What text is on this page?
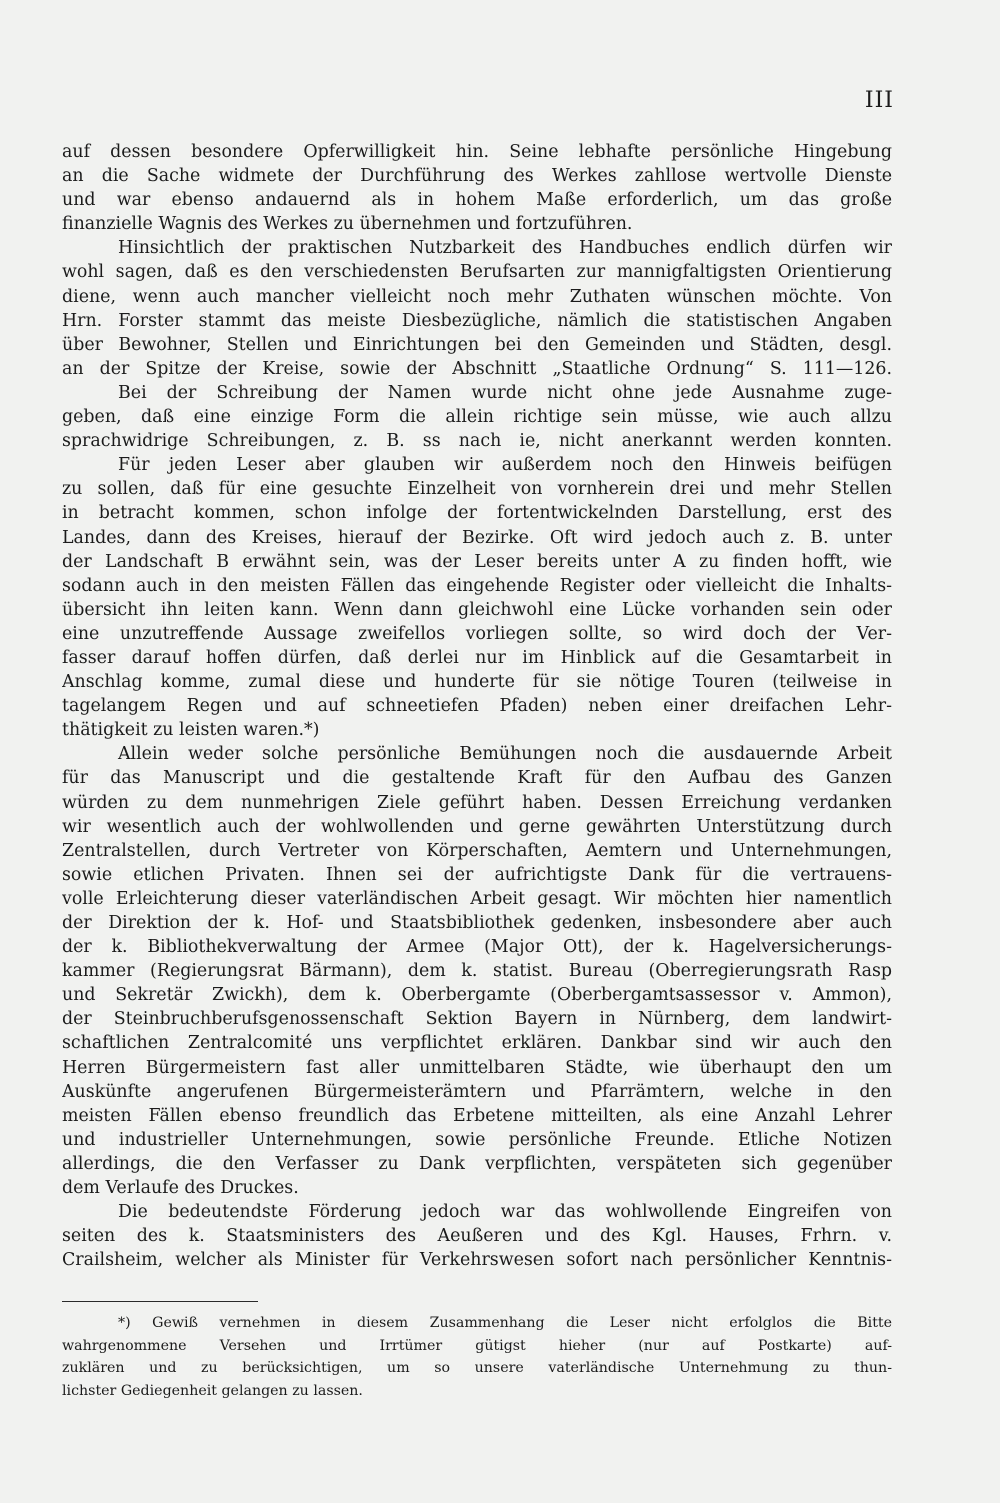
III
auf dessen besondere Opferwilligkeit hin. Seine lebhafte persönliche Hingebung
an die Sache widmete der Durchführung des Werkes zahllose wertvolle Dienste
und war ebenso andauernd als in hohem Maße erforderlich, um das große
finanzielle Wagnis des Werkes zu übernehmen und fortzuführen.
Hinsichtlich der praktischen Nutzbarkeit des Handbuches endlich dürfen wir
wohl sagen, daß es den verschiedensten Berufsarten zur mannigfaltigsten Orientierung
diene, wenn auch mancher vielleicht noch mehr Zuthaten wünschen möchte. Von
Hrn. Forster stammt das meiste Diesbezügliche, nämlich die statistischen Angaben
über Bewohner, Stellen und Einrichtungen bei den Gemeinden und Städten, desgl.
an der Spitze der Kreise, sowie der Abschnitt „Staatliche Ordnung“ S. 111—126.
Bei der Schreibung der Namen wurde nicht ohne jede Ausnahme zuge-
geben, daß eine einzige Form die allein richtige sein müsse, wie auch allzu
sprachwidrige Schreibungen, z. B. ss nach ie, nicht anerkannt werden konnten.
Für jeden Leser aber glauben wir außerdem noch den Hinweis beifügen
zu sollen, daß für eine gesuchte Einzelheit von vornherein drei und mehr Stellen
in betracht kommen, schon infolge der fortentwickelnden Darstellung, erst des
Landes, dann des Kreises, hierauf der Bezirke. Oft wird jedoch auch z. B. unter
der Landschaft B erwähnt sein, was der Leser bereits unter A zu finden hofft, wie
sodann auch in den meisten Fällen das eingehende Register oder vielleicht die Inhalts-
übersicht ihn leiten kann. Wenn dann gleichwohl eine Lücke vorhanden sein oder
eine unzutreffende Aussage zweifellos vorliegen sollte, so wird doch der Ver-
fasser darauf hoffen dürfen, daß derlei nur im Hinblick auf die Gesamtarbeit in
Anschlag komme, zumal diese und hunderte für sie nötige Touren (teilweise in
tagelangem Regen und auf schneetiefen Pfaden) neben einer dreifachen Lehr-
thätigkeit zu leisten waren.*)
Allein weder solche persönliche Bemühungen noch die ausdauernde Arbeit
für das Manuscript und die gestaltende Kraft für den Aufbau des Ganzen
würden zu dem nunmehrigen Ziele geführt haben. Dessen Erreichung verdanken
wir wesentlich auch der wohlwollenden und gerne gewährten Unterstützung durch
Zentralstellen, durch Vertreter von Körperschaften, Aemtern und Unternehmungen,
sowie etlichen Privaten. Ihnen sei der aufrichtigste Dank für die vertrauens-
volle Erleichterung dieser vaterländischen Arbeit gesagt. Wir möchten hier namentlich
der Direktion der k. Hof- und Staatsbibliothek gedenken, insbesondere aber auch
der k. Bibliothekverwaltung der Armee (Major Ott), der k. Hagelversicherungs-
kammer (Regierungsrat Bärmann), dem k. statist. Bureau (Oberregierungsrath Rasp
und Sekretär Zwickh), dem k. Oberbergamte (Oberbergamtsassessor v. Ammon),
der Steinbruchberufsgenossenschaft Sektion Bayern in Nürnberg, dem landwirt-
schaftlichen Zentralcomité uns verpflichtet erklären. Dankbar sind wir auch den
Herren Bürgermeistern fast aller unmittelbaren Städte, wie überhaupt den um
Auskünfte angerufenen Bürgermeisterämtern und Pfarrämtern, welche in den
meisten Fällen ebenso freundlich das Erbetene mitteilten, als eine Anzahl Lehrer
und industrieller Unternehmungen, sowie persönliche Freunde. Etliche Notizen
allerdings, die den Verfasser zu Dank verpflichten, verspäteten sich gegenüber
dem Verlaufe des Druckes.
Die bedeutendste Förderung jedoch war das wohlwollende Eingreifen von
seiten des k. Staatsministers des Aeußeren und des Kgl. Hauses, Frhrn. v.
Crailsheim, welcher als Minister für Verkehrswesen sofort nach persönlicher Kenntnis-
*) Gewiß vernehmen in diesem Zusammenhang die Leser nicht erfolglos die Bitte
wahrgenommene Versehen und Irrtümer gütigst hieher (nur auf Postkarte) auf-
zuklären und zu berücksichtigen, um so unsere vaterländische Unternehmung zu thun-
lichster Gediegenheit gelangen zu lassen.
